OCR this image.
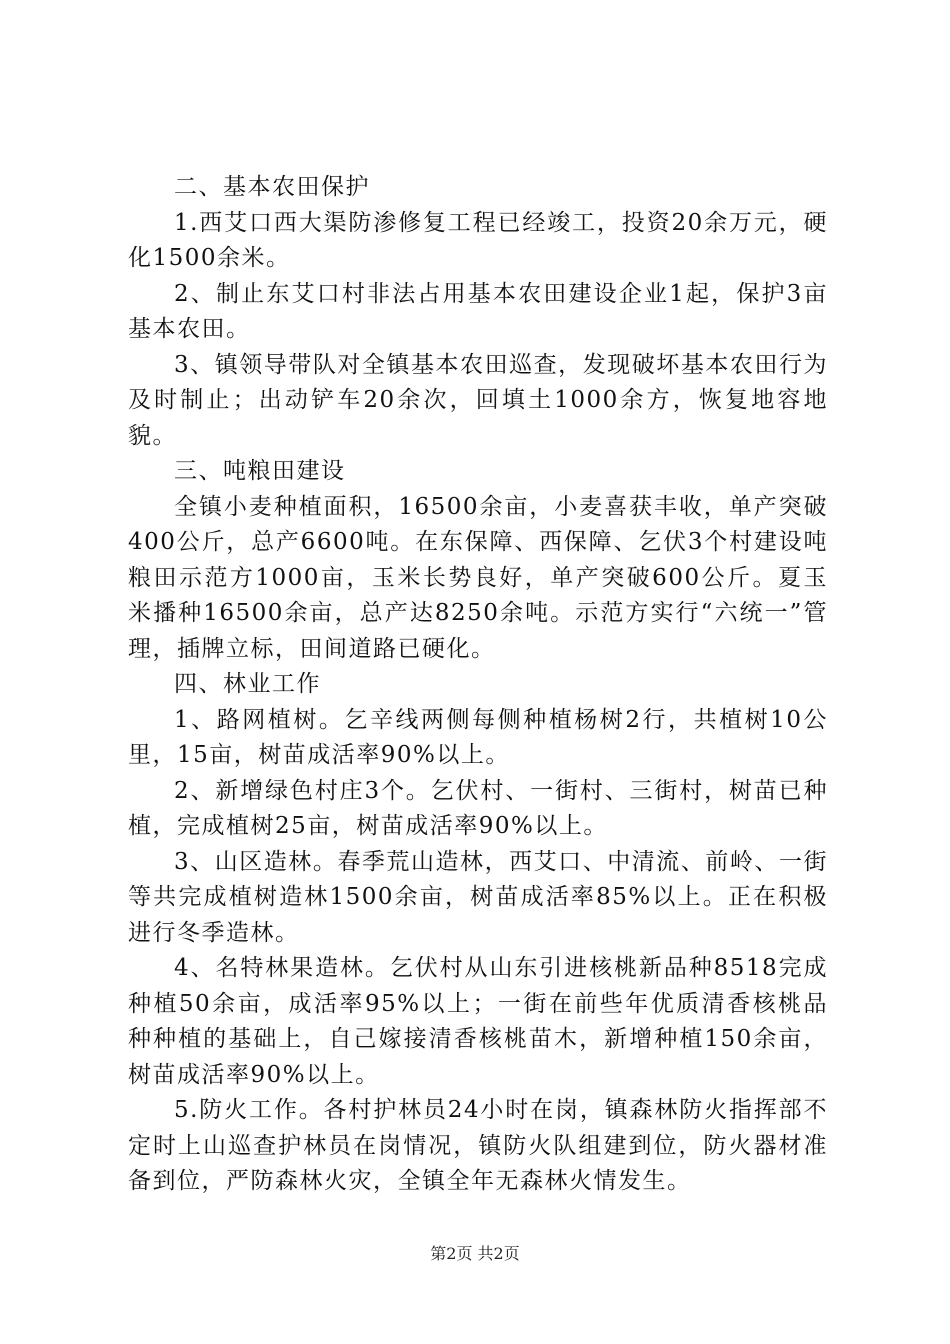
二、基本农田保护

1.西艾口西大渠防渗修复工程已经竣工，投资20余万元，硬化1500余米。

2、制止东艾口村非法占用基本农田建设企业1起，保护3亩基本农田。

3、镇领导带队对全镇基本农田巡查，发现破坏基本农田行为及时制止；出动铲车20余次，回填土1000余方，恢复地容地貌。

三、吨粮田建设

全镇小麦种植面积，16500余亩，小麦喜获丰收，单产突破400公斤，总产6600吨。在东保障、西保障、乞伏3个村建设吨粮田示范方1000亩，玉米长势良好，单产突破600公斤。夏玉米播种16500余亩，总产达8250余吨。示范方实行“六统一”管理，插牌立标，田间道路已硬化。

四、林业工作

1、路网植树。乞辛线两侧每侧种植杨树2行，共植树10公里，15亩，树苗成活率90%以上。

2、新增绿色村庄3个。乞伏村、一街村、三街村，树苗已种植，完成植树25亩，树苗成活率90%以上。

3、山区造林。春季荒山造林，西艾口、中清流、前岭、一街等共完成植树造林1500余亩，树苗成活率85%以上。正在积极进行冬季造林。

4、名特林果造林。乞伏村从山东引进核桃新品种8518完成种植50余亩，成活率95%以上；一街在前些年优质清香核桃品种种植的基础上，自己嫁接清香核桃苗木，新增种植150余亩，树苗成活率90%以上。

5.防火工作。各村护林员24小时在岗，镇森林防火指挥部不定时上山巡查护林员在岗情况，镇防火队组建到位，防火器材准备到位，严防森林火灾，全镇全年无森林火情发生。

第2页 共2页
